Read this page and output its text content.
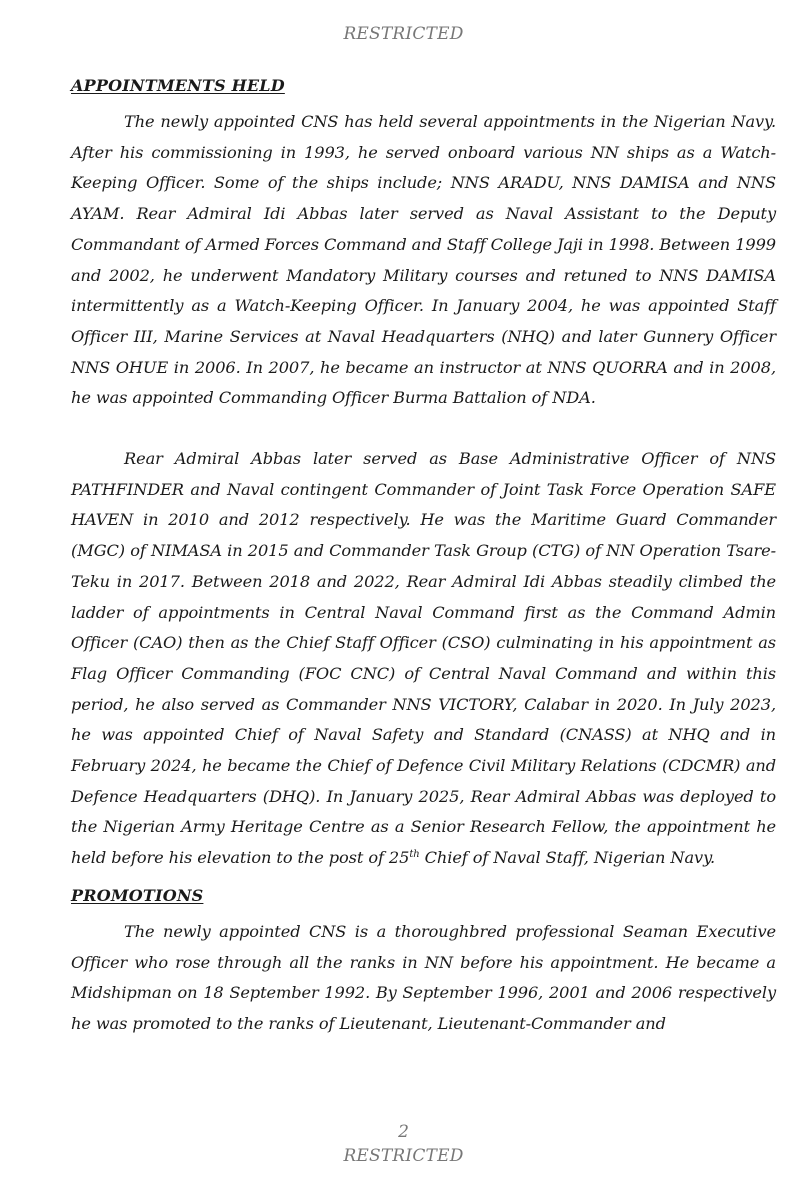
RESTRICTED
APPOINTMENTS HELD

The newly appointed CNS has held several appointments in the Nigerian Navy. After his commissioning in 1993, he served onboard various NN ships as a Watch-Keeping Officer. Some of the ships include; NNS ARADU, NNS DAMISA and NNS AYAM. Rear Admiral Idi Abbas later served as Naval Assistant to the Deputy Commandant of Armed Forces Command and Staff College Jaji in 1998. Between 1999 and 2002, he underwent Mandatory Military courses and retuned to NNS DAMISA intermittently as a Watch-Keeping Officer. In January 2004, he was appointed Staff Officer III, Marine Services at Naval Headquarters (NHQ) and later Gunnery Officer NNS OHUE in 2006. In 2007, he became an instructor at NNS QUORRA and in 2008, he was appointed Commanding Officer Burma Battalion of NDA.

Rear Admiral Abbas later served as Base Administrative Officer of NNS PATHFINDER and Naval contingent Commander of Joint Task Force Operation SAFE HAVEN in 2010 and 2012 respectively. He was the Maritime Guard Commander (MGC) of NIMASA in 2015 and Commander Task Group (CTG) of NN Operation Tsare-Teku in 2017. Between 2018 and 2022, Rear Admiral Idi Abbas steadily climbed the ladder of appointments in Central Naval Command first as the Command Admin Officer (CAO) then as the Chief Staff Officer (CSO) culminating in his appointment as Flag Officer Commanding (FOC CNC) of Central Naval Command and within this period, he also served as Commander NNS VICTORY, Calabar in 2020. In July 2023, he was appointed Chief of Naval Safety and Standard (CNASS) at NHQ and in February 2024, he became the Chief of Defence Civil Military Relations (CDCMR) and Defence Headquarters (DHQ). In January 2025, Rear Admiral Abbas was deployed to the Nigerian Army Heritage Centre as a Senior Research Fellow, the appointment he held before his elevation to the post of 25th Chief of Naval Staff, Nigerian Navy.

PROMOTIONS

The newly appointed CNS is a thoroughbred professional Seaman Executive Officer who rose through all the ranks in NN before his appointment. He became a Midshipman on 18 September 1992. By September 1996, 2001 and 2006 respectively he was promoted to the ranks of Lieutenant, Lieutenant-Commander and

2
RESTRICTED
